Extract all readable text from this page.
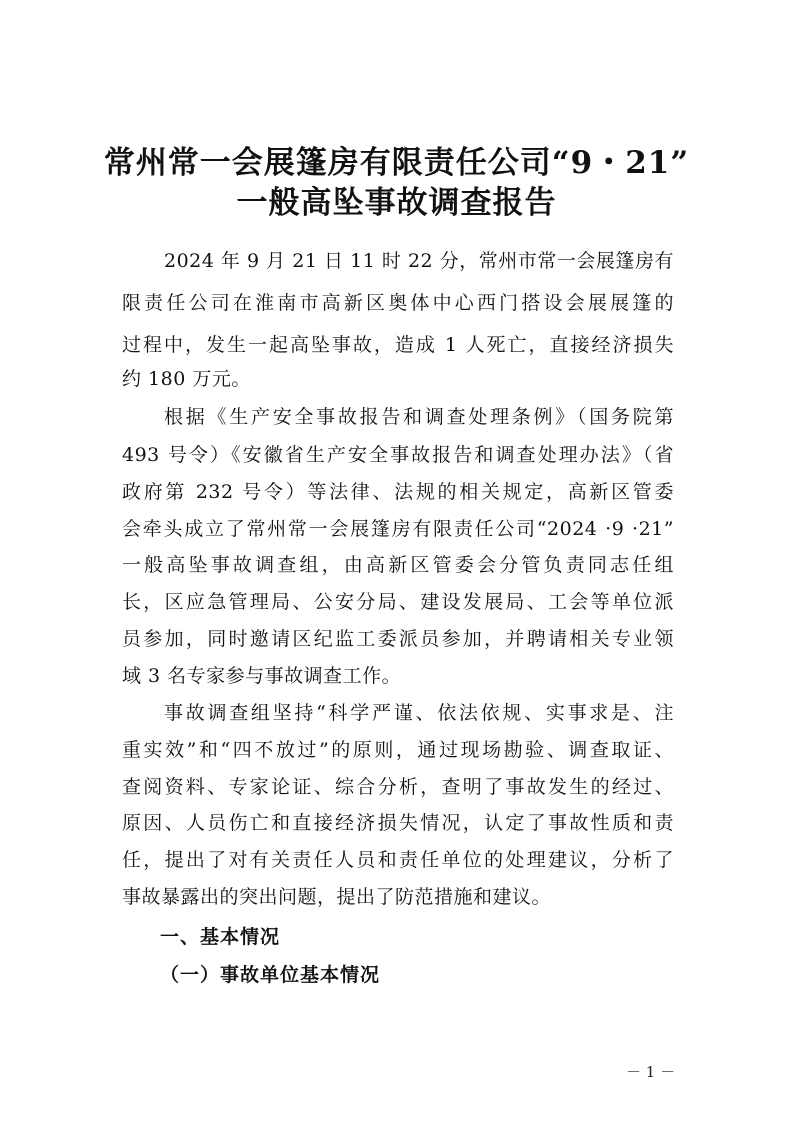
常州常一会展篷房有限责任公司“9・21”
一般高坠事故调查报告
2024 年 9 月 21 日 11 时 22 分，常州市常一会展篷房有
限责任公司在淮南市高新区奥体中心西门搭设会展展篷的
过程中，发生一起高坠事故，造成 1 人死亡，直接经济损失
约 180 万元。
根据《生产安全事故报告和调查处理条例》（国务院第
493 号令）《安徽省生产安全事故报告和调查处理办法》（省
政府第 232 号令）等法律、法规的相关规定，高新区管委
会牵头成立了常州常一会展篷房有限责任公司“2024 ·9 ·21”
一般高坠事故调查组，由高新区管委会分管负责同志任组
长，区应急管理局、公安分局、建设发展局、工会等单位派
员参加，同时邀请区纪监工委派员参加，并聘请相关专业领
域 3 名专家参与事故调查工作。
事故调查组坚持“科学严谨、依法依规、实事求是、注
重实效”和“四不放过”的原则，通过现场勘验、调查取证、
查阅资料、专家论证、综合分析，查明了事故发生的经过、
原因、人员伤亡和直接经济损失情况，认定了事故性质和责
任，提出了对有关责任人员和责任单位的处理建议，分析了
事故暴露出的突出问题，提出了防范措施和建议。
一、基本情况
（一）事故单位基本情况
－ 1 －
